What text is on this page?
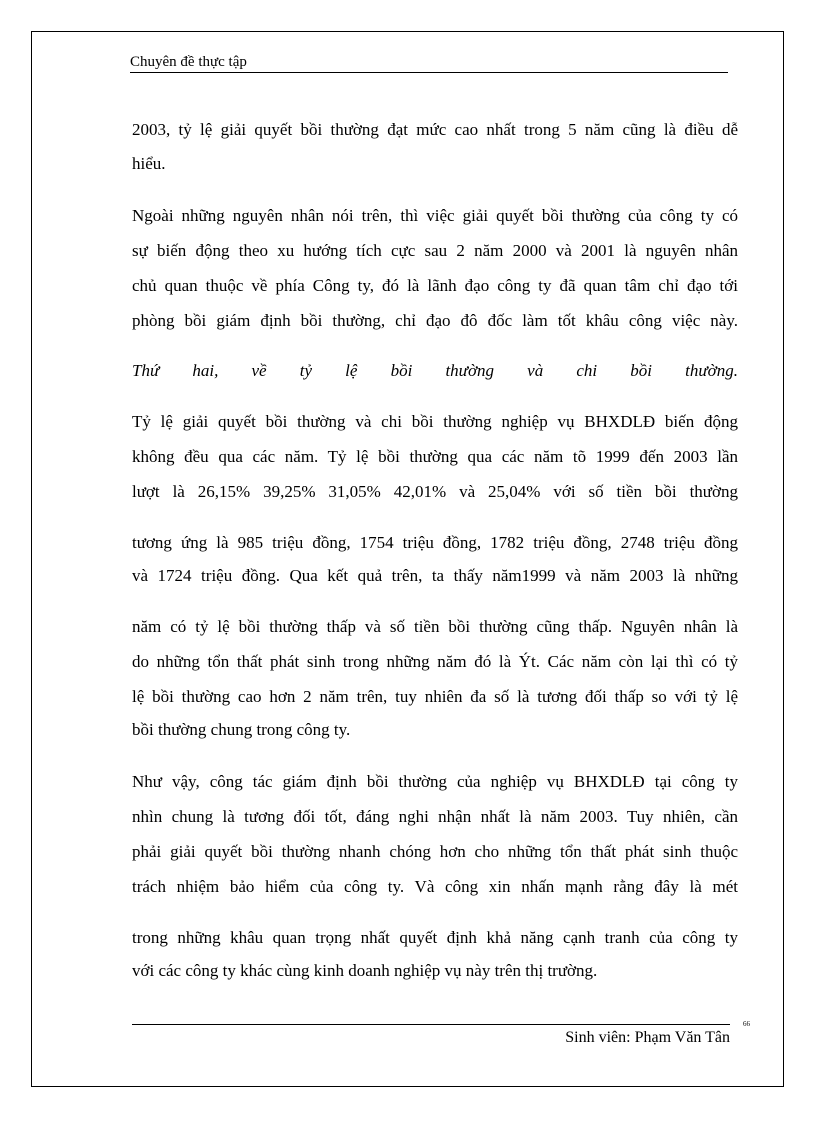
Chuyên đề thực tập
2003, tỷ lệ giải quyết bồi thường đạt mức cao nhất trong 5 năm cũng là điều dễ
hiểu.
Ngoài những nguyên nhân nói trên, thì việc giải quyết bồi thường của công ty có
sự biến động theo xu hướng tích cực sau 2 năm 2000 và 2001 là nguyên nhân
chủ quan thuộc về phía Công ty, đó là lãnh đạo công ty đã quan tâm chỉ đạo tới
phòng bồi giám định bồi thường, chỉ đạo đô đốc làm tốt khâu công việc này.
Thứ hai, về tỷ lệ bồi thường và chi bồi thường.
Tỷ lệ giải quyết bồi thường và chi bồi thường nghiệp vụ BHXDLĐ biến động
không đều qua các năm. Tỷ lệ bồi thường qua các năm tõ 1999 đến 2003 lần
lượt là 26,15% 39,25% 31,05% 42,01% và 25,04% với số tiền bồi thường
tương ứng là 985 triệu đồng, 1754 triệu đồng, 1782 triệu đồng, 2748 triệu đồng
và 1724 triệu đồng. Qua kết quả trên, ta thấy năm1999 và năm 2003 là những
năm có tỷ lệ bồi thường thấp và số tiền bồi thường cũng thấp. Nguyên nhân là
do những tổn thất phát sinh trong những năm đó là Ýt. Các năm còn lại thì có tỷ
lệ bồi thường cao hơn 2 năm trên, tuy nhiên đa số là tương đối thấp so với tỷ lệ
bồi thường chung trong công ty.
Như vậy, công tác giám định bồi thường của nghiệp vụ BHXDLĐ tại công ty
nhìn chung là tương đối tốt, đáng nghi nhận nhất là năm 2003. Tuy nhiên, cần
phải giải quyết bồi thường nhanh chóng hơn cho những tổn thất phát sinh thuộc
trách nhiệm bảo hiểm của công ty. Và công xin nhấn mạnh rằng đây là mét
trong những khâu quan trọng nhất quyết định khả năng cạnh tranh của công ty
với các công ty khác cùng kinh doanh nghiệp vụ này trên thị trường.
Sinh viên: Phạm Văn Tân
66
